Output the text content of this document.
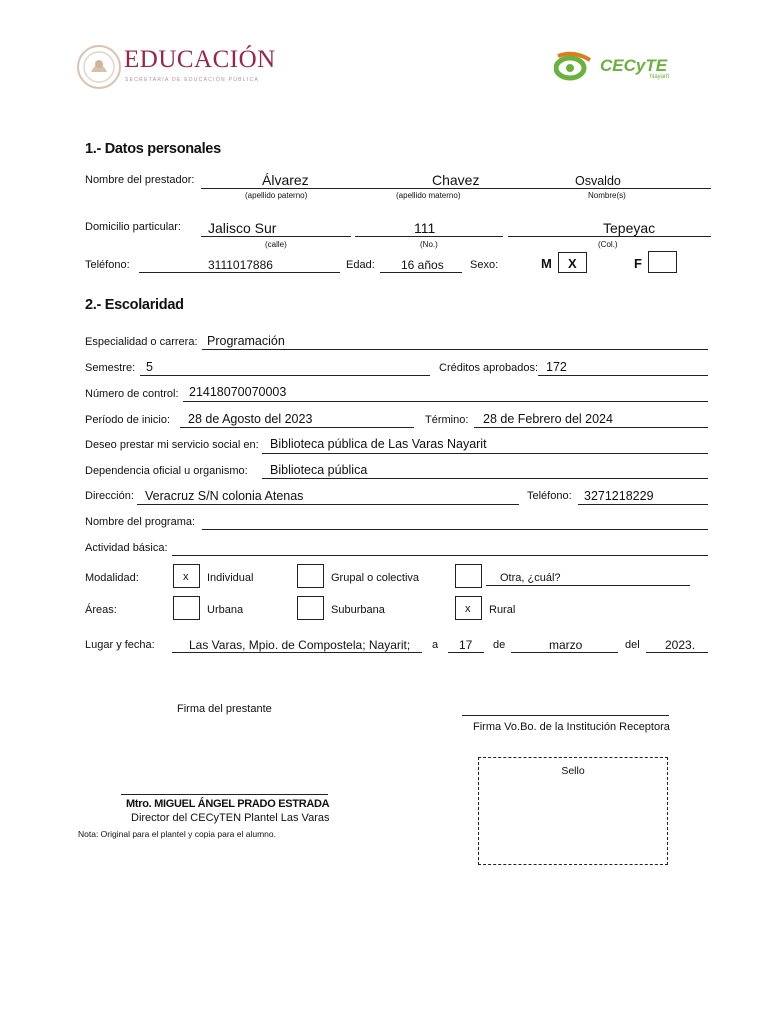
EDUCACIÓN
SECRETARÍA DE EDUCACIÓN PÚBLICA
CECyTE
Nayarit
1.- Datos personales
Nombre del prestador:	Álvarez	Chavez	Osvaldo
(apellido paterno)	(apellido materno)	Nombre(s)
Domicilio particular: Jalisco Sur	111	Tepeyac
(calle)	(No.)	(Col.)
Teléfono:	3111017886	Edad: 16 años Sexo:	M X	F
2.- Escolaridad
Especialidad o carrera: Programación
Semestre: 5	Créditos aprobados: 172
Número de control: 21418070070003
Período de inicio: 28 de Agosto del 2023	Término: 28 de Febrero del 2024
Deseo prestar mi servicio social en: Biblioteca pública de Las Varas Nayarit
Dependencia oficial u organismo: Biblioteca pública
Dirección: Veracruz S/N colonia Atenas	Teléfono: 3271218229
Nombre del programa:
Actividad básica:
Modalidad:	x Individual	Grupal o colectiva	Otra, ¿cuál?
Áreas:	Urbana	Suburbana	x Rural
Lugar y fecha:	Las Varas, Mpio. de Compostela; Nayarit; a 17 de	marzo	del 2023.
Firma del prestante
Firma Vo.Bo. de la Institución Receptora
Sello
Mtro. MIGUEL ÁNGEL PRADO ESTRADA
Director del CECyTEN Plantel Las Varas
Nota: Original para el plantel y copia para el alumno.
